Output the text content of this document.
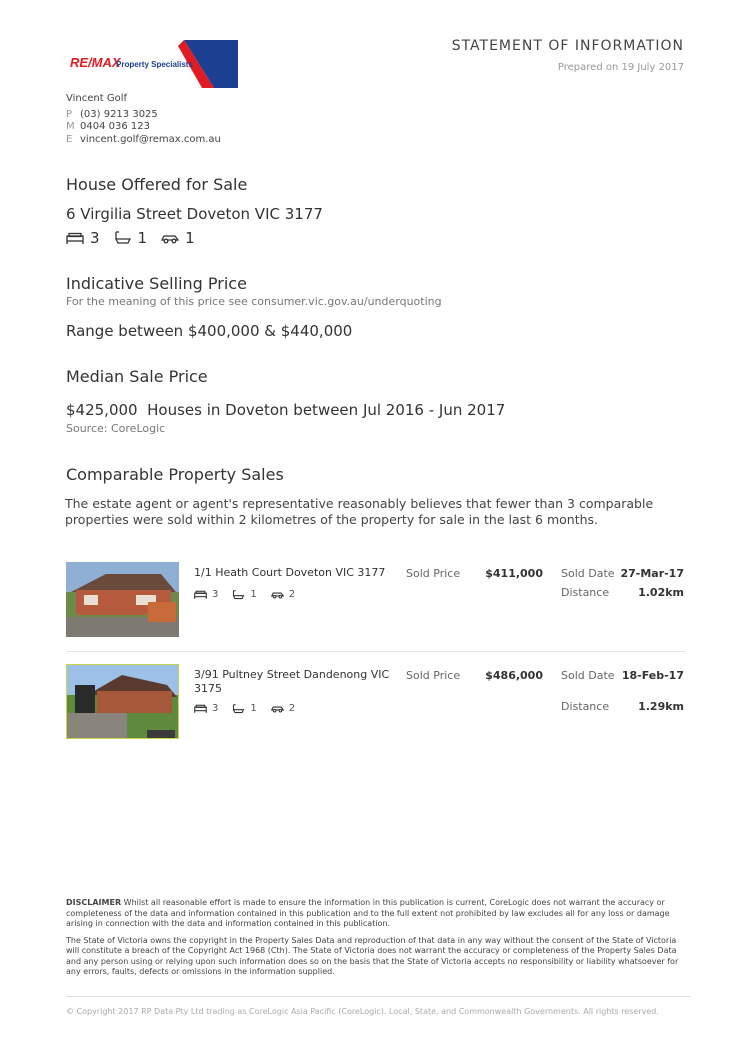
RE/MAX
Property Specialists
STATEMENT OF INFORMATION
Prepared on 19 July 2017
Vincent Golf
P (03) 9213 3025
M 0404 036 123
E vincent.golf@remax.com.au
House Offered for Sale
6 Virgilia Street Doveton VIC 3177
3	1	1
Indicative Selling Price
For the meaning of this price see consumer.vic.gov.au/underquoting
Range between $400,000 & $440,000
Median Sale Price
$425,000  Houses in Doveton between Jul 2016 - Jun 2017
Source: CoreLogic
Comparable Property Sales
The estate agent or agent's representative reasonably believes that fewer than 3 comparable
properties were sold within 2 kilometres of the property for sale in the last 6 months.
1/1 Heath Court Doveton VIC 3177
3	1	2
Sold Price	$411,000 Sold Date 27-Mar-17
Distance	1.02km
3/91 Pultney Street Dandenong VIC 3175
3	1	2
Sold Price	$486,000 Sold Date 18-Feb-17
Distance	1.29km
DISCLAIMER Whilst all reasonable effort is made to ensure the information in this publication is current, CoreLogic does not warrant the accuracy or completeness of the data and information contained in this publication and to the full extent not prohibited by law excludes all for any loss or damage arising in connection with the data and information contained in this publication.
The State of Victoria owns the copyright in the Property Sales Data and reproduction of that data in any way without the consent of the State of Victoria will constitute a breach of the Copyright Act 1968 (Cth). The State of Victoria does not warrant the accuracy or completeness of the Property Sales Data and any person using or relying upon such information does so on the basis that the State of Victoria accepts no responsibility or liability whatsoever for any errors, faults, defects or omissions in the information supplied.
© Copyright 2017 RP Data Pty Ltd trading as CoreLogic Asia Pacific (CoreLogic). Local, State, and Commonwealth Governments. All rights reserved.
